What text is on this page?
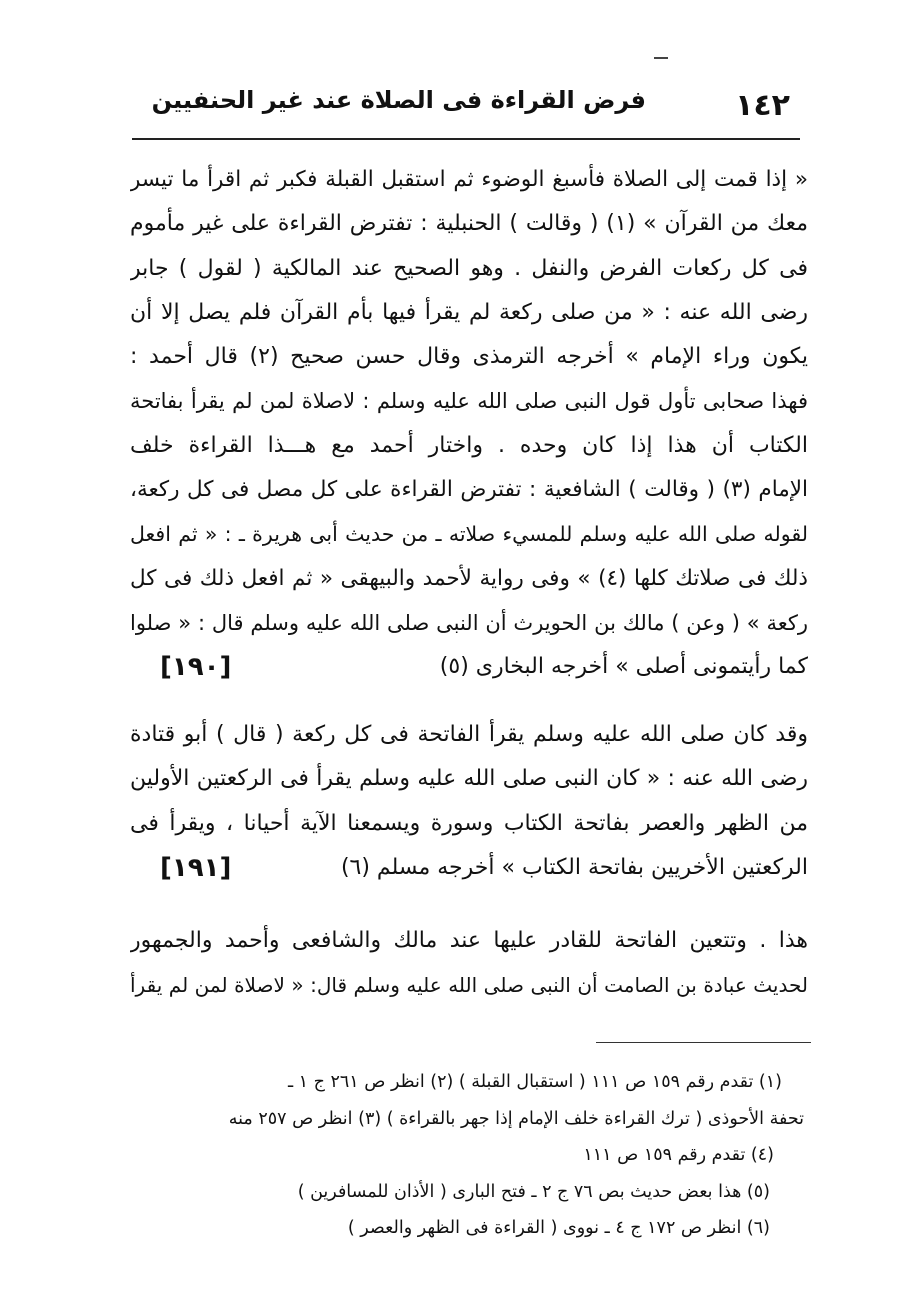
١٤٢
فرض القراءة فى الصلاة عند غير الحنفيين
« إذا قمت إلى الصلاة فأسبغ الوضوء ثم استقبل القبلة فكبر ثم اقرأ ما تيسر
معك من القرآن » (١) ( وقالت ) الحنبلية : تفترض القراءة على غير مأموم
فى كل ركعات الفرض والنفل . وهو الصحيح عند المالكية ( لقول ) جابر
رضى الله عنه : « من صلى ركعة لم يقرأ فيها بأم القرآن فلم يصل إلا أن
يكون وراء الإمام » أخرجه الترمذى وقال حسن صحيح (٢) قال أحمد :
فهذا صحابى تأول قول النبى صلى الله عليه وسلم : لاصلاة لمن لم يقرأ بفاتحة
الكتاب أن هذا إذا كان وحده . واختار أحمد مع هـــذا القراءة خلف
الإمام (٣) ( وقالت ) الشافعية : تفترض القراءة على كل مصل فى كل ركعة،
لقوله صلى الله عليه وسلم للمسيء صلاته ـ من حديث أبى هريرة ـ : « ثم افعل
ذلك فى صلاتك كلها (٤) » وفى رواية لأحمد والبيهقى « ثم افعل ذلك فى كل
ركعة » ( وعن ) مالك بن الحويرث أن النبى صلى الله عليه وسلم قال : « صلوا
كما رأيتمونى أصلى » أخرجه البخارى (٥)
[١٩٠]
وقد كان صلى الله عليه وسلم يقرأ الفاتحة فى كل ركعة ( قال ) أبو قتادة
رضى الله عنه : « كان النبى صلى الله عليه وسلم يقرأ فى الركعتين الأولين
من الظهر والعصر بفاتحة الكتاب وسورة ويسمعنا الآية أحيانا ، ويقرأ فى
الركعتين الأخريين بفاتحة الكتاب » أخرجه مسلم (٦)
[١٩١]
هذا . وتتعين الفاتحة للقادر عليها عند مالك والشافعى وأحمد والجمهور
لحديث عبادة بن الصامت أن النبى صلى الله عليه وسلم قال: « لاصلاة لمن لم يقرأ
(١) تقدم رقم ١٥٩ ص ١١١ ( استقبال القبلة ) (٢) انظر ص ٢٦١ ج ١ ـ
تحفة الأحوذى ( ترك القراءة خلف الإمام إذا جهر بالقراءة ) (٣) انظر ص ٢٥٧ منه
(٤) تقدم رقم ١٥٩ ص ١١١
(٥) هذا بعض حديث بص ٧٦ ج ٢ ـ فتح البارى ( الأذان للمسافرين )
(٦) انظر ص ١٧٢ ج ٤ ـ نووى ( القراءة فى الظهر والعصر )
